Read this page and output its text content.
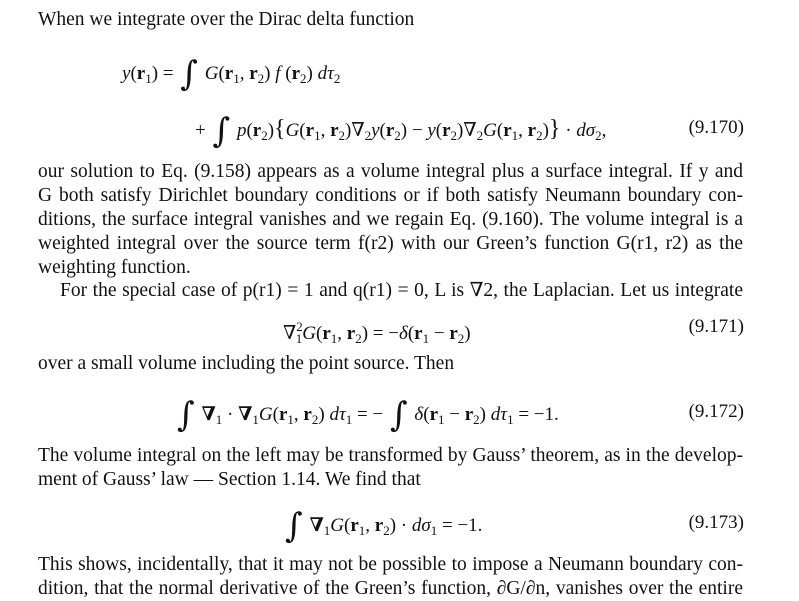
When we integrate over the Dirac delta function
$y(r_1)$ = ∫ $G(r_1$, $r_2$) f $(r_2)$ $d\tau_2$
+ ∫ $p(r_2)\{G(r_1$, $r_2)\nabla_2y(r_2) - y(r_2)\nabla_2G(r_1$, $r_2)\} \cdot d\sigma_2$,	(9.170)
our solution to Eq. (9.158) appears as a volume integral plus a surface integral. If y and
G both satisfy Dirichlet boundary conditions or if both satisfy Neumann boundary con-
ditions, the surface integral vanishes and we regain Eq. (9.160). The volume integral is a
weighted integral over the source term f(r2) with our Green’s function G(r1, r2) as the
weighting function.
For the special case of p(r1) = 1 and q(r1) = 0, L is ∇2, the Laplacian. Let us integrate
$\nabla^2_1G(r_1$, $r_2) = -\delta(r_1 - r_2)$	(9.171)
over a small volume including the point source. Then
∫ $\nabla_1 \cdot \nabla_1G(r_1$, $r_2$) $d\tau_1$ = − ∫ $\delta(r_1 - r_2) d\tau_1 = -1$.	(9.172)
The volume integral on the left may be transformed by Gauss’ theorem, as in the develop-
ment of Gauss’ law — Section 1.14. We find that
∫ $\nabla_1G(r_1$, $r_2) \cdot d\sigma_1 = -1$.	(9.173)
This shows, incidentally, that it may not be possible to impose a Neumann boundary con-
dition, that the normal derivative of the Green’s function, ∂G/∂n, vanishes over the entire
